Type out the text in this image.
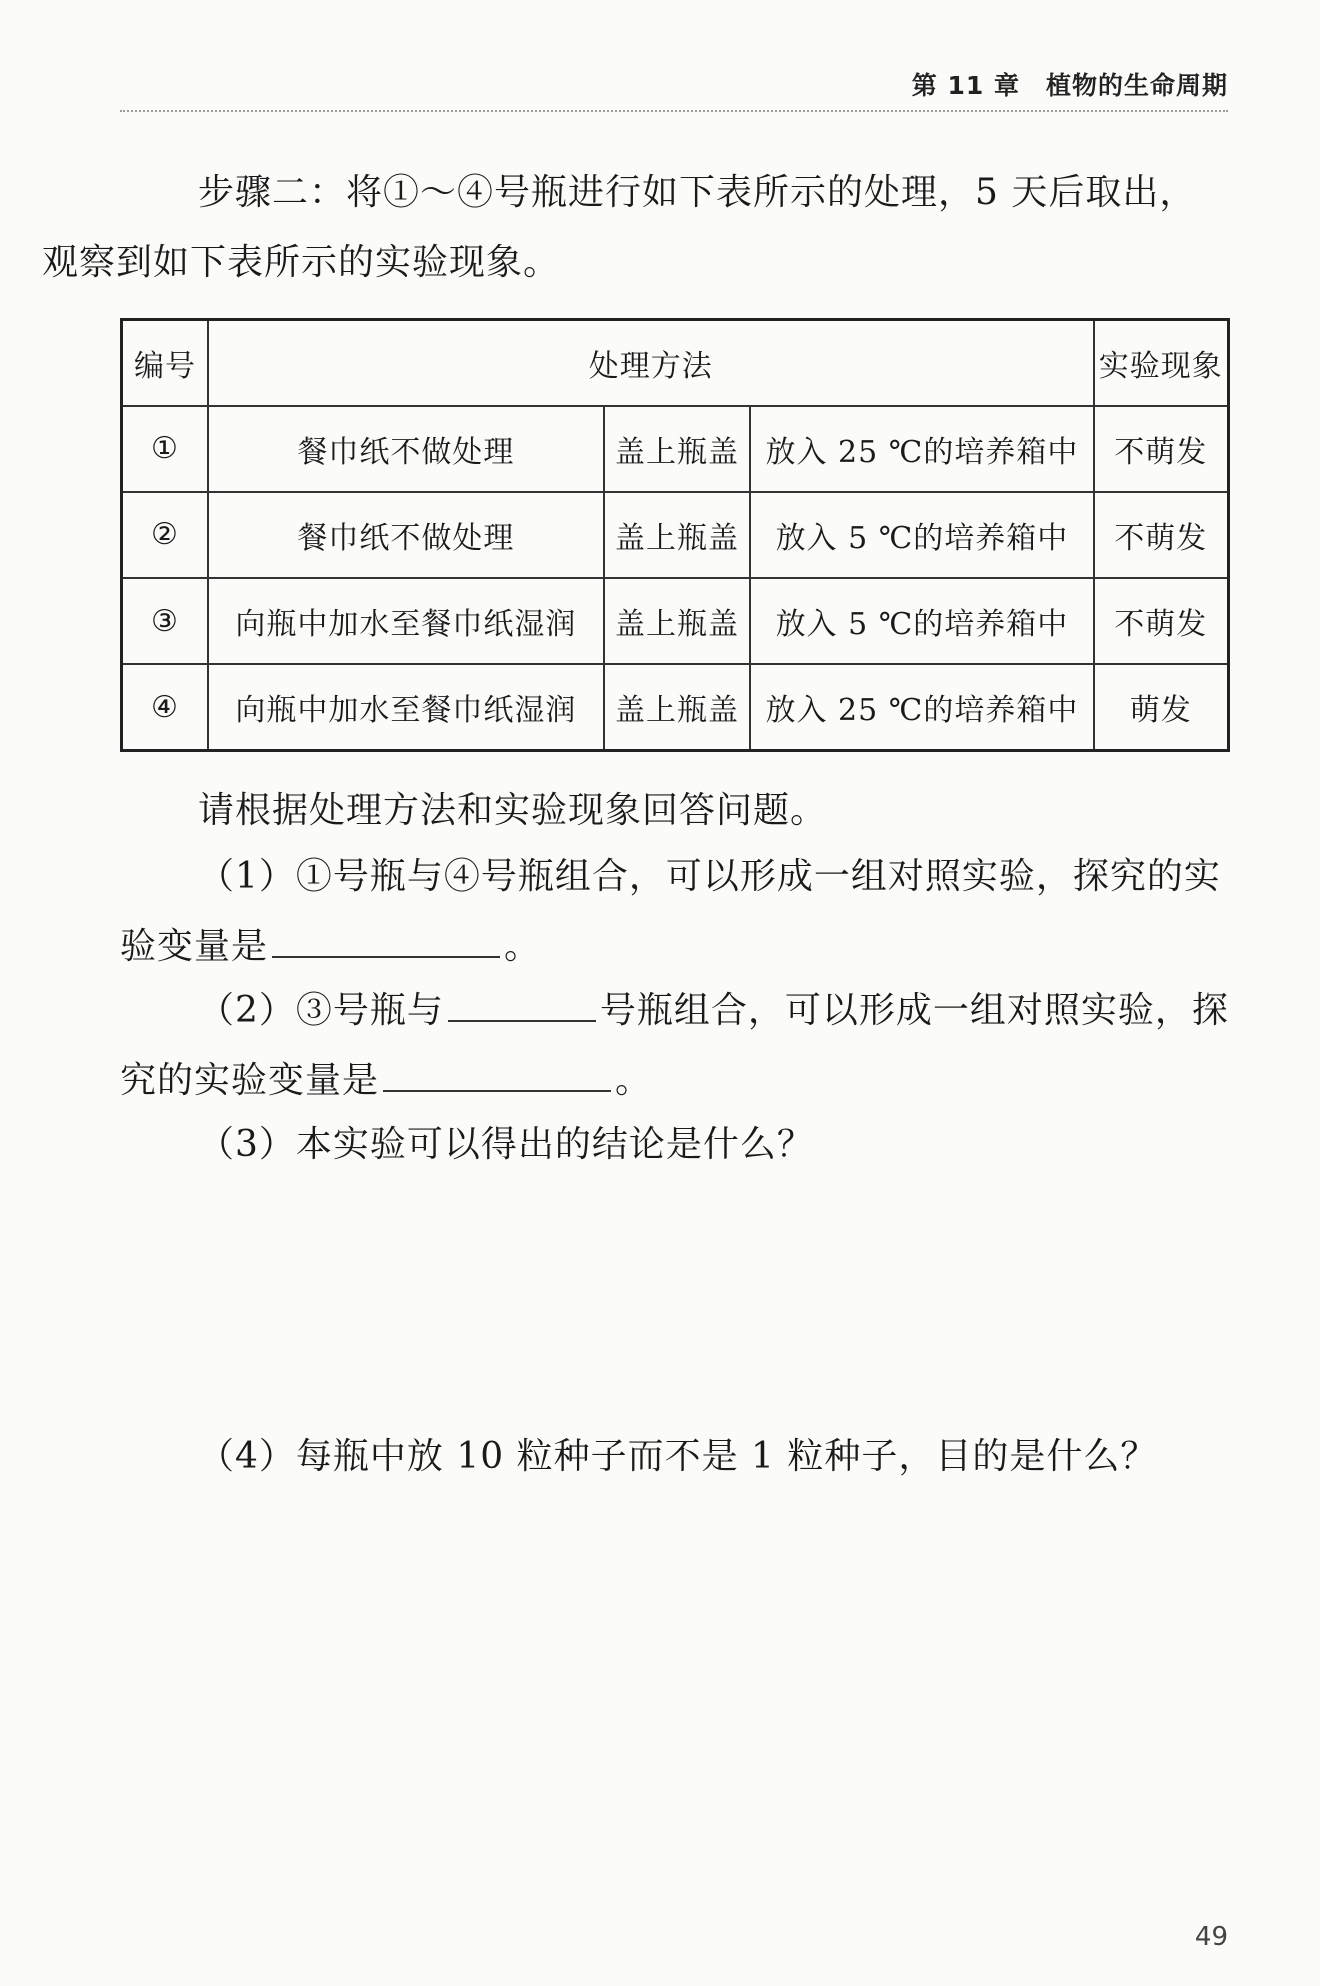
第 11 章 植物的生命周期
步骤二：将①～④号瓶进行如下表所示的处理，5 天后取出，
观察到如下表所示的实验现象。
编号	处理方法			实验现象
①	餐巾纸不做处理	盖上瓶盖	放入 25 ℃的培养箱中	不萌发
②	餐巾纸不做处理	盖上瓶盖	放入 5 ℃的培养箱中	不萌发
③	向瓶中加水至餐巾纸湿润	盖上瓶盖	放入 5 ℃的培养箱中	不萌发
④	向瓶中加水至餐巾纸湿润	盖上瓶盖	放入 25 ℃的培养箱中	萌发
请根据处理方法和实验现象回答问题。
（1）①号瓶与④号瓶组合，可以形成一组对照实验，探究的实
验变量是	。
（2）③号瓶与	号瓶组合，可以形成一组对照实验，探
究的实验变量是	。
（3）本实验可以得出的结论是什么？
（4）每瓶中放 10 粒种子而不是 1 粒种子，目的是什么？
49
